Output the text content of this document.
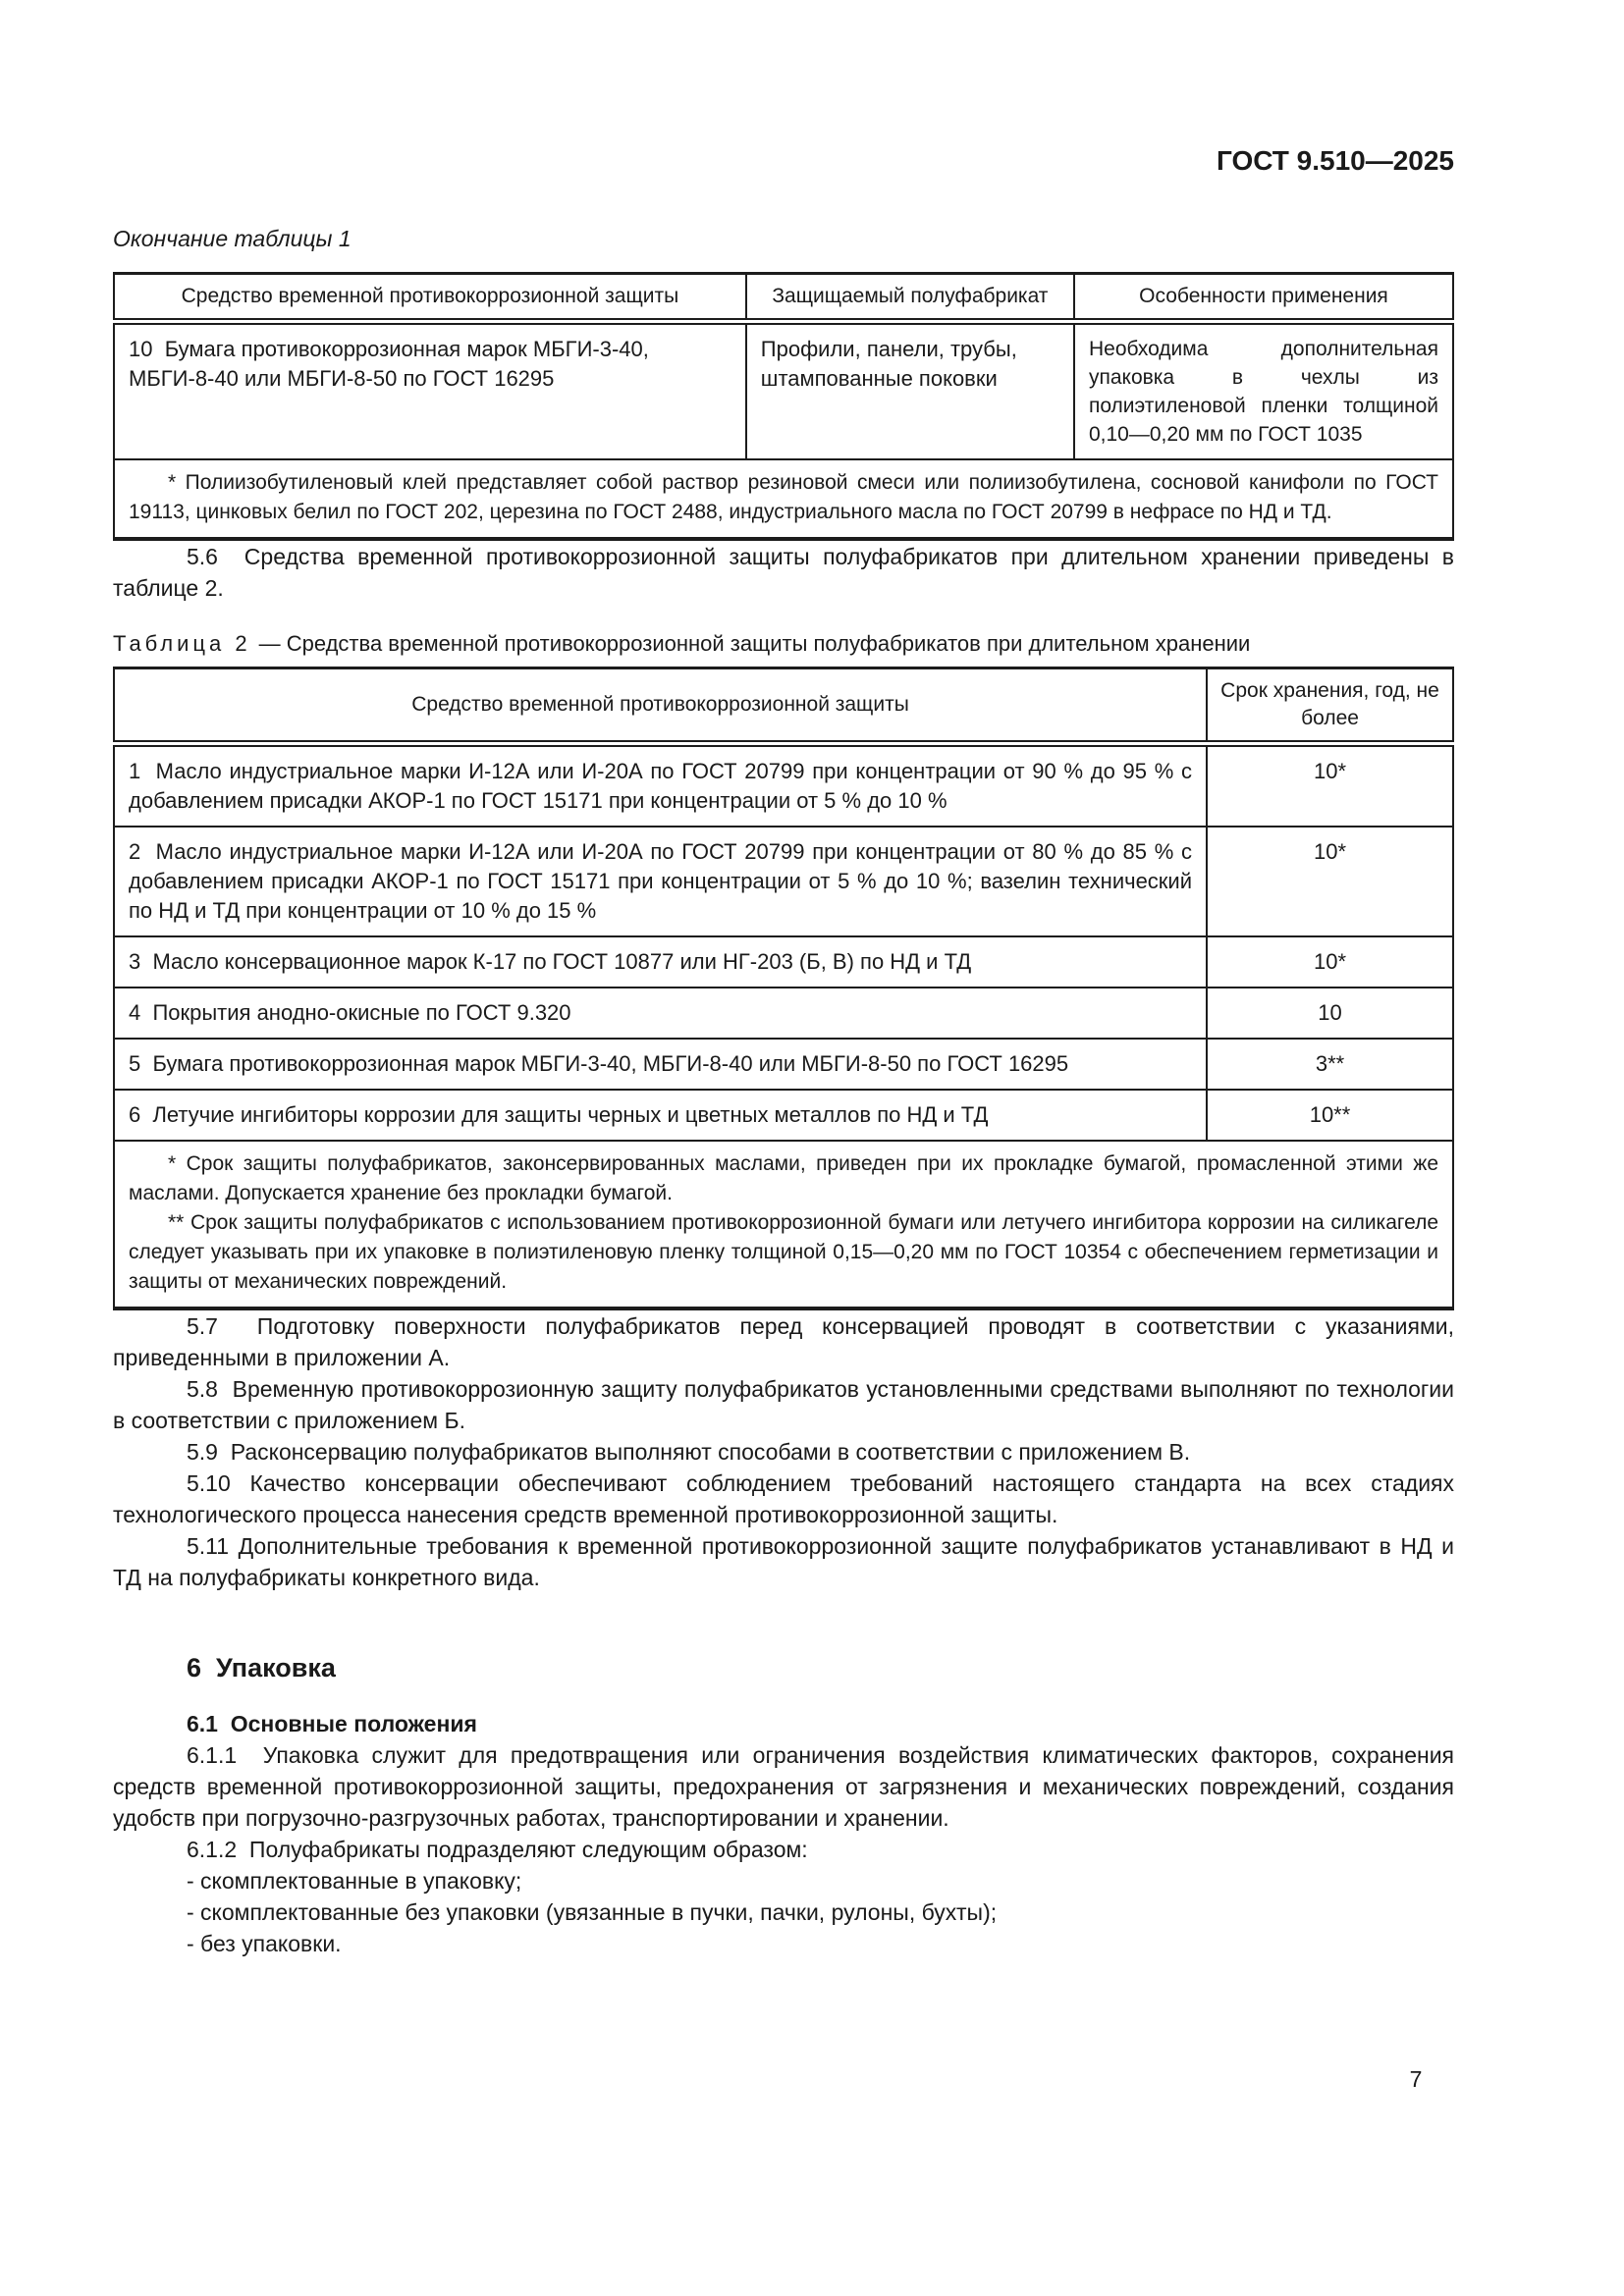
ГОСТ 9.510—2025
Окончание таблицы 1
Средство временной противокоррозионной защиты	Защищаемый полуфабрикат	Особенности применения
10  Бумага противокоррозионная марок МБГИ-3-40, МБГИ-8-40 или МБГИ-8-50 по ГОСТ 16295	Профили, панели, трубы, штампованные поковки	Необходима дополнительная упаковка в чехлы из полиэтиленовой пленки толщиной 0,10—0,20 мм по ГОСТ 1035

* Полиизобутиленовый клей представляет собой раствор резиновой смеси или полиизобутилена, сосновой канифоли по ГОСТ 19113, цинковых белил по ГОСТ 202, церезина по ГОСТ 2488, индустриального масла по ГОСТ 20799 в нефрасе по НД и ТД.		

5.6  Средства временной противокоррозионной защиты полуфабрикатов при длительном хранении приведены в таблице 2.

Таблица 2 — Средства временной противокоррозионной защиты полуфабрикатов при длительном хранении
Средство временной противокоррозионной защиты	Срок хранения, год, не более
1  Масло индустриальное марки И-12А или И-20А по ГОСТ 20799 при концентрации от 90 % до 95 % с добавлением присадки АКОР-1 по ГОСТ 15171 при концентрации от 5 % до 10 %	10*
2  Масло индустриальное марки И-12А или И-20А по ГОСТ 20799 при концентрации от 80 % до 85 % с добавлением присадки АКОР-1 по ГОСТ 15171 при концентрации от 5 % до 10 %; вазелин технический по НД и ТД при концентрации от 10 % до 15 %	10*
3  Масло консервационное марок К-17 по ГОСТ 10877 или НГ-203 (Б, В) по НД и ТД	10*
4  Покрытия анодно-окисные по ГОСТ 9.320	10
5  Бумага противокоррозионная марок МБГИ-3-40, МБГИ-8-40 или МБГИ-8-50 по ГОСТ 16295	3**
6  Летучие ингибиторы коррозии для защиты черных и цветных металлов по НД и ТД	10**

* Срок защиты полуфабрикатов, законсервированных маслами, приведен при их прокладке бумагой, промасленной этими же маслами. Допускается хранение без прокладки бумагой.

** Срок защиты полуфабрикатов с использованием противокоррозионной бумаги или летучего ингибитора коррозии на силикагеле следует указывать при их упаковке в полиэтиленовую пленку толщиной 0,15—0,20 мм по ГОСТ 10354 с обеспечением герметизации и защиты от механических повреждений.	

5.7  Подготовку поверхности полуфабрикатов перед консервацией проводят в соответствии с указаниями, приведенными в приложении А.

5.8  Временную противокоррозионную защиту полуфабрикатов установленными средствами выполняют по технологии в соответствии с приложением Б.

5.9  Расконсервацию полуфабрикатов выполняют способами в соответствии с приложением В.

5.10 Качество консервации обеспечивают соблюдением требований настоящего стандарта на всех стадиях технологического процесса нанесения средств временной противокоррозионной защиты.

5.11 Дополнительные требования к временной противокоррозионной защите полуфабрикатов устанавливают в НД и ТД на полуфабрикаты конкретного вида.

6  Упаковка
6.1  Основные положения

6.1.1  Упаковка служит для предотвращения или ограничения воздействия климатических факторов, сохранения средств временной противокоррозионной защиты, предохранения от загрязнения и механических повреждений, создания удобств при погрузочно-разгрузочных работах, транспортировании и хранении.

6.1.2  Полуфабрикаты подразделяют следующим образом:

- скомплектованные в упаковку;

- скомплектованные без упаковки (увязанные в пучки, пачки, рулоны, бухты);

- без упаковки.

7
